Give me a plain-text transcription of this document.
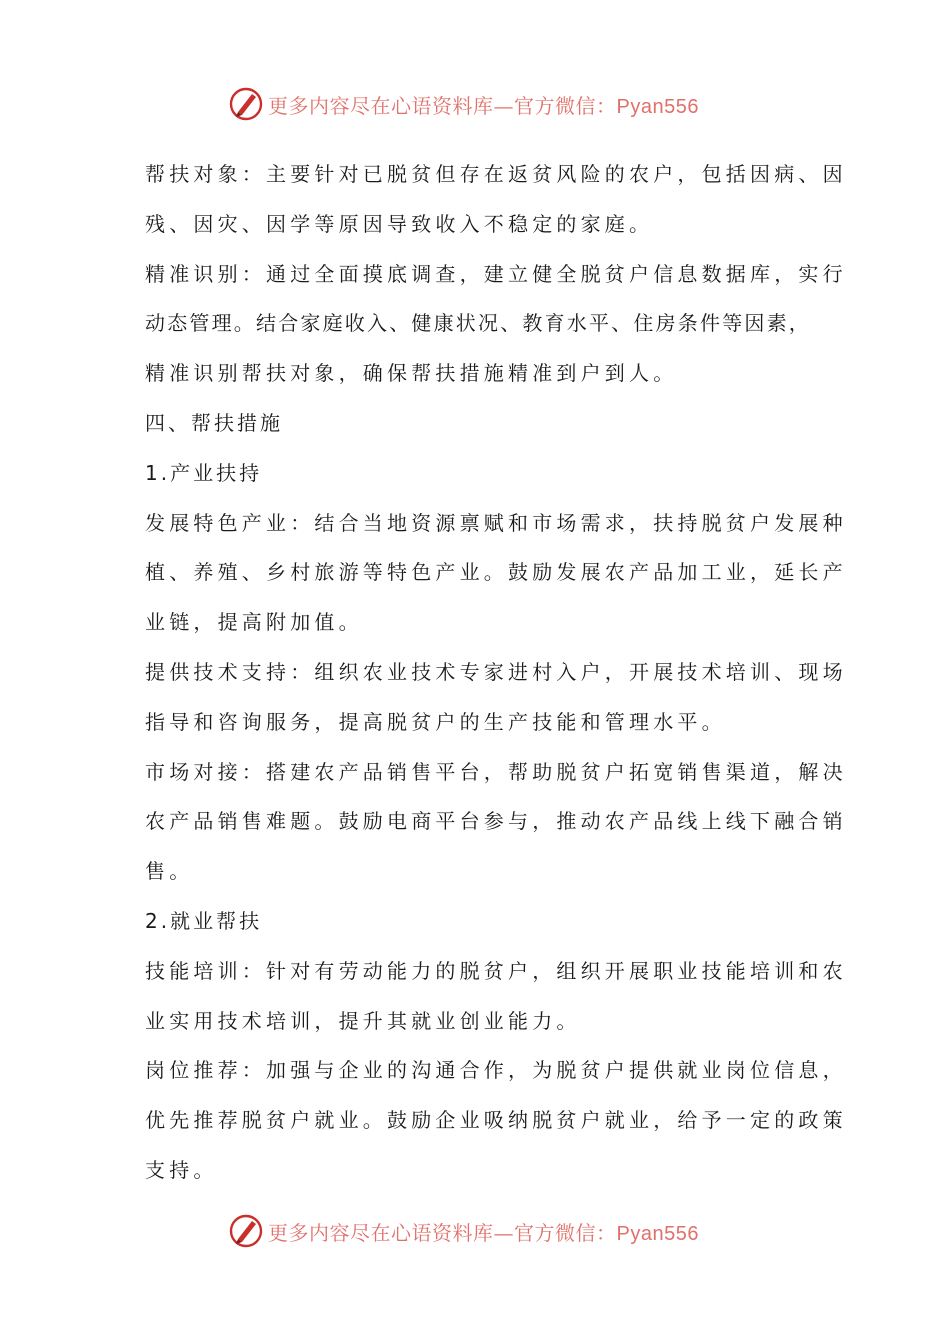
更多内容尽在心语资料库—官方微信：Pyan556
帮扶对象：主要针对已脱贫但存在返贫风险的农户，包括因病、因
残、因灾、因学等原因导致收入不稳定的家庭。
精准识别：通过全面摸底调查，建立健全脱贫户信息数据库，实行
动态管理。结合家庭收入、健康状况、教育水平、住房条件等因素，
精准识别帮扶对象，确保帮扶措施精准到户到人。
四、帮扶措施
1.产业扶持
发展特色产业：结合当地资源禀赋和市场需求，扶持脱贫户发展种
植、养殖、乡村旅游等特色产业。鼓励发展农产品加工业，延长产
业链，提高附加值。
提供技术支持：组织农业技术专家进村入户，开展技术培训、现场
指导和咨询服务，提高脱贫户的生产技能和管理水平。
市场对接：搭建农产品销售平台，帮助脱贫户拓宽销售渠道，解决
农产品销售难题。鼓励电商平台参与，推动农产品线上线下融合销
售。
2.就业帮扶
技能培训：针对有劳动能力的脱贫户，组织开展职业技能培训和农
业实用技术培训，提升其就业创业能力。
岗位推荐：加强与企业的沟通合作，为脱贫户提供就业岗位信息，
优先推荐脱贫户就业。鼓励企业吸纳脱贫户就业，给予一定的政策
支持。
更多内容尽在心语资料库—官方微信：Pyan556
